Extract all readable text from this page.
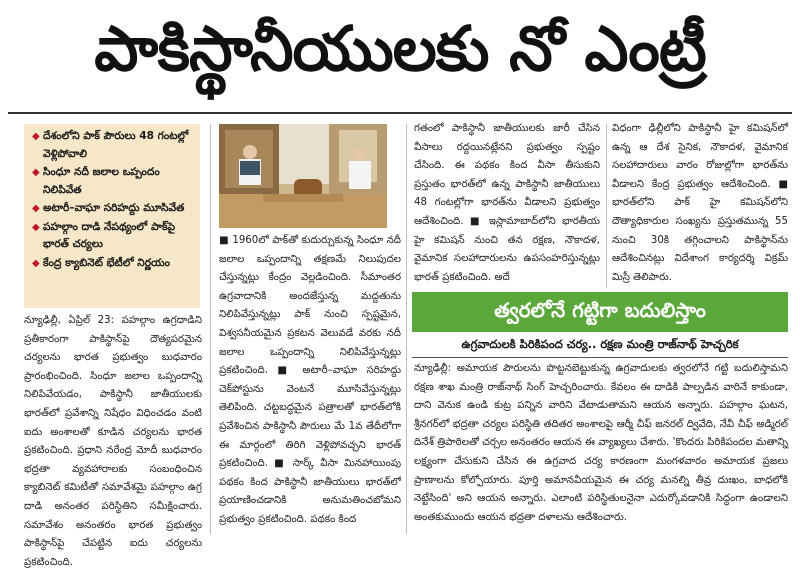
పాకిస్థానీయులకు నో ఎంట్రీ
◆ దేశంలోని పాక్ పౌరులు 48 గంటల్లో వెళ్లిపోవాలి
◆ సింధూ నదీ జలాల ఒప్పందం నిలిపివేత
◆ అటారీ–వాఘా సరిహద్దు మూసివేత
◆ పహల్గాం దాడి నేపథ్యంలో పాక్‌పై భారత్ చర్యలు
◆ కేంద్ర క్యాబినెట్ భేటీలో నిర్ణయం

న్యూఢిల్లీ, ఏప్రిల్ 23: పహల్గాం ఉగ్రదాడిని ప్రతీకారంగా పాకిస్థాన్‌పై దౌత్యపరమైన చర్యలను భారత ప్రభుత్వం బుధవారం ప్రారంభించింది. సింధూ జలాల ఒప్పందాన్ని నిలిపివేయడం, పాకిస్థానీ జాతీయులకు భారత్‌లో ప్రవేశాన్ని నిషేధం విధించడం వంటి ఐదు అంశాలతో కూడిన చర్యలను భారత ప్రకటించింది. ప్రధాని నరేంద్ర మోదీ బుధవారం భద్రతా వ్యవహారాలకు సంబంధించిన క్యాబినెట్ కమిటీతో సమావేశమై పహల్గాం ఉగ్ర దాడి అనంతర పరిస్థితిని సమీక్షించారు. సమావేశం అనంతరం భారత ప్రభుత్వం పాకిస్థాన్‌పై చేపట్టిన ఐదు చర్యలను ప్రకటించింది.

■ 1960లో పాక్‌తో కుదుర్చుకున్న సింధూ నదీ జలాల ఒప్పందాన్ని తక్షణమే నిలుపుదల చేస్తున్నట్లు కేంద్రం వెల్లడించింది. సీమాంతర ఉగ్రవాదానికి అందజేస్తున్న మద్దతును నిలిపివేస్తున్నట్లు పాక్ నుంచి స్పష్టమైన, విశ్వసనీయమైన ప్రకటన వెలువడే వరకు నదీ జలాల ఒప్పందాన్ని నిలిపివేస్తున్నట్లు ప్రకటించింది. ■ అటారీ–వాఘా సరిహద్దు చెక్‌పోస్టును వెంటనే మూసివేస్తున్నట్లు తెలిపింది. చట్టబద్ధమైన పత్రాలతో భారత్‌లోకి ప్రవేశించిన పాకిస్థానీ పౌరులు మే 1వ తేదీలోగా ఈ మార్గంలో తిరిగి వెళ్లిపోవచ్చని భారత్ ప్రకటించింది. ■ సార్క్ వీసా మినహాయింపు పథకం కింద పాకిస్థానీ జాతీయులు భారత్‌లో ప్రయాణించడానికి అనుమతించబోమని ప్రభుత్వం ప్రకటించింది. పథకం కింద

గతంలో పాకిస్థానీ జాతీయులకు జారీ చేసిన వీసాలు రద్దయినట్లేనని ప్రభుత్వం స్పష్టం చేసింది. ఈ పథకం కింద వీసా తీసుకుని ప్రస్తుతం భారత్‌లో ఉన్న పాకిస్థానీ జాతీయులు 48 గంటల్లోగా భారత్‌ను వీడాలని ప్రభుత్వం ఆదేశించింది. ■ ఇస్లామాబాద్‌లోని భారతీయ హై కమిషన్ నుంచి తన రక్షణ, నౌకాదళ, వైమానిక సలహాదారులను ఉపసంహరిస్తున్నట్లు భారత్ ప్రకటించింది. అదే

విధంగా ఢిల్లీలోని పాకిస్థానీ హై కమిషన్‌లో ఉన్న ఆ దేశ సైనిక, నౌకాదళ, వైమానిక సలహాదారులు వారం రోజుల్లోగా భారత్‌ను వీడాలని కేంద్ర ప్రభుత్వం ఆదేశించింది. ■ భారత్‌లోని పాక్ హై కమిషన్‌లోని దౌత్యాధికారుల సంఖ్యను ప్రస్తుతమున్న 55 నుంచి 30కి తగ్గించాలని పాకిస్థాన్‌ను ఆదేశించినట్లు విదేశాంగ కార్యదర్శి విక్రమ్ మిస్రీ తెలిపారు.

త్వరలోనే గట్టిగా బదులిస్తాం
ఉగ్రవాదులకి పిరికిపంద చర్య.. రక్షణ మంత్రి రాజ్‌నాథ్ హెచ్చరిక

న్యూఢిల్లీ: అమాయక పౌరులను పొట్టనబెట్టుకున్న ఉగ్రవాదులకు త్వరలోనే గట్టి బదులిస్తామని రక్షణ శాఖ మంత్రి రాజ్‌నాథ్ సింగ్ హెచ్చరించారు. కేవలం ఈ దాడికి పాల్పడిన వారినే కాకుండా, దాని వెనుక ఉండి కుట్ర పన్నిన వారిని వేటాడుతామని ఆయన అన్నారు. పహల్గాం ఘటన, శ్రీనగర్‌లో భద్రతా చర్యల పరిస్థితి తదితర అంశాలపై ఆర్మీ చీఫ్ జనరల్ ద్వివేది, నేవీ చీఫ్ అడ్మిరల్ దినేశ్ త్రిపాఠిలతో చర్చల అనంతరం ఆయన ఈ వ్యాఖ్యలు చేశారు. 'కొందరు పిరికిపందల మతాన్ని లక్ష్యంగా చేసుకుని చేసిన ఈ ఉగ్రవాద చర్య కారణంగా మంగళవారం అమాయక ప్రజలు ప్రాణాలను కోల్పోయారు. పూర్తి అమానవీయమైన ఈ చర్య మనల్ని తీవ్ర దుఃఖం, బాధలోకి నెట్టేసింది' అని ఆయన అన్నారు. ఎలాంటి పరిస్థితులనైనా ఎదుర్కోవడానికి సిద్ధంగా ఉండాలని అంతకుముందు ఆయన భద్రతా దళాలను ఆదేశించారు.
